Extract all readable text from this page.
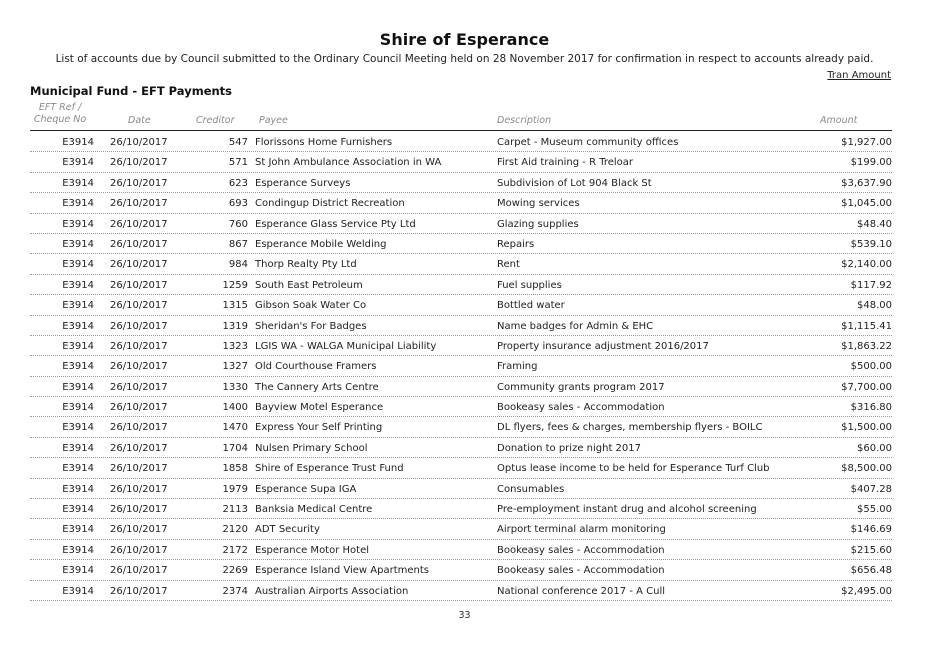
Shire of Esperance
List of accounts due by Council submitted to the Ordinary Council Meeting held on 28 November 2017 for confirmation in respect to accounts already paid.
Tran Amount
Municipal Fund - EFT Payments
EFT Ref /
Cheque No	Date	Creditor	Payee	Description	Amount
E3914 26/10/2017	547 Florissons Home Furnishers	Carpet - Museum community offices	$1,927.00
E3914 26/10/2017	571 St John Ambulance Association in WA	First Aid training - R Treloar	$199.00
E3914 26/10/2017	623 Esperance Surveys	Subdivision of Lot 904 Black St	$3,637.90
E3914 26/10/2017	693 Condingup District Recreation	Mowing services	$1,045.00
E3914 26/10/2017	760 Esperance Glass Service Pty Ltd	Glazing supplies	$48.40
E3914 26/10/2017	867 Esperance Mobile Welding	Repairs	$539.10
E3914 26/10/2017	984 Thorp Realty Pty Ltd	Rent	$2,140.00
E3914 26/10/2017	1259 South East Petroleum	Fuel supplies	$117.92
E3914 26/10/2017	1315 Gibson Soak Water Co	Bottled water	$48.00
E3914 26/10/2017	1319 Sheridan's For Badges	Name badges for Admin & EHC	$1,115.41
E3914 26/10/2017	1323 LGIS WA - WALGA Municipal Liability	Property insurance adjustment 2016/2017	$1,863.22
E3914 26/10/2017	1327 Old Courthouse Framers	Framing	$500.00
E3914 26/10/2017	1330 The Cannery Arts Centre	Community grants program 2017	$7,700.00
E3914 26/10/2017	1400 Bayview Motel Esperance	Bookeasy sales - Accommodation	$316.80
E3914 26/10/2017	1470 Express Your Self Printing	DL flyers, fees & charges, membership flyers - BOILC	$1,500.00
E3914 26/10/2017	1704 Nulsen Primary School	Donation to prize night 2017	$60.00
E3914 26/10/2017	1858 Shire of Esperance Trust Fund	Optus lease income to be held for Esperance Turf Club	$8,500.00
E3914 26/10/2017	1979 Esperance Supa IGA	Consumables	$407.28
E3914 26/10/2017	2113 Banksia Medical Centre	Pre-employment instant drug and alcohol screening	$55.00
E3914 26/10/2017	2120 ADT Security	Airport terminal alarm monitoring	$146.69
E3914 26/10/2017	2172 Esperance Motor Hotel	Bookeasy sales - Accommodation	$215.60
E3914 26/10/2017	2269 Esperance Island View Apartments	Bookeasy sales - Accommodation	$656.48
E3914 26/10/2017	2374 Australian Airports Association	National conference 2017 - A Cull	$2,495.00
33
